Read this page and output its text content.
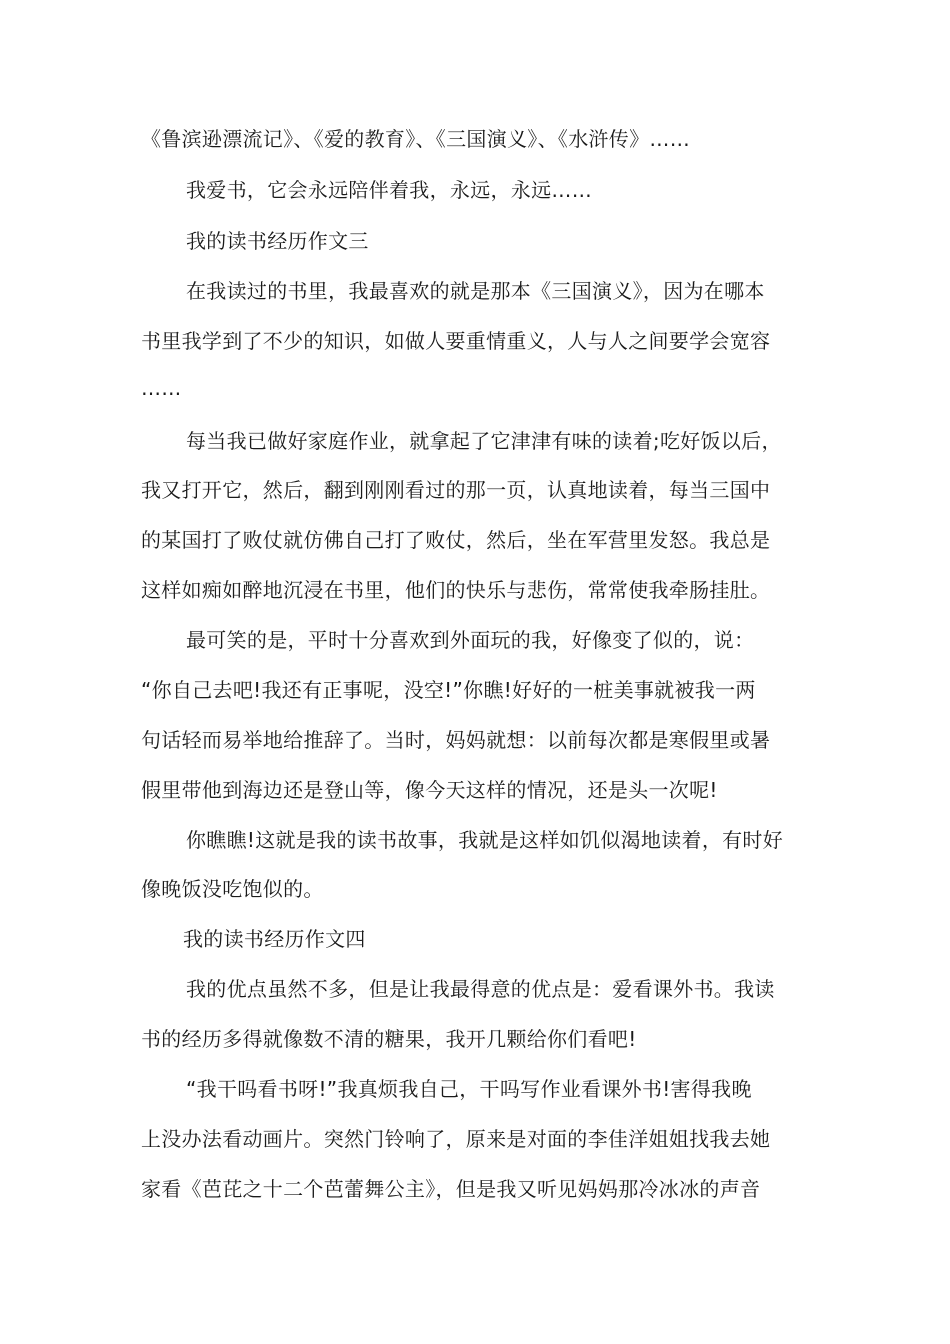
《鲁滨逊漂流记》、《爱的教育》、《三国演义》、《水浒传》……
我爱书，它会永远陪伴着我，永远，永远……
我的读书经历作文三
在我读过的书里，我最喜欢的就是那本《三国演义》，因为在哪本
书里我学到了不少的知识，如做人要重情重义，人与人之间要学会宽容
……
每当我已做好家庭作业，就拿起了它津津有味的读着;吃好饭以后，
我又打开它，然后，翻到刚刚看过的那一页，认真地读着，每当三国中
的某国打了败仗就仿佛自己打了败仗，然后，坐在军营里发怒。我总是
这样如痴如醉地沉浸在书里，他们的快乐与悲伤，常常使我牵肠挂肚。
最可笑的是，平时十分喜欢到外面玩的我，好像变了似的，说：
“你自己去吧!我还有正事呢，没空!”你瞧!好好的一桩美事就被我一两
句话轻而易举地给推辞了。当时，妈妈就想：以前每次都是寒假里或暑
假里带他到海边还是登山等，像今天这样的情况，还是头一次呢!
你瞧瞧!这就是我的读书故事，我就是这样如饥似渴地读着，有时好
像晚饭没吃饱似的。
我的读书经历作文四
我的优点虽然不多，但是让我最得意的优点是：爱看课外书。我读
书的经历多得就像数不清的糖果，我开几颗给你们看吧!
“我干吗看书呀!”我真烦我自己，干吗写作业看课外书!害得我晚
上没办法看动画片。突然门铃响了，原来是对面的李佳洋姐姐找我去她
家看《芭芘之十二个芭蕾舞公主》，但是我又听见妈妈那冷冰冰的声音
